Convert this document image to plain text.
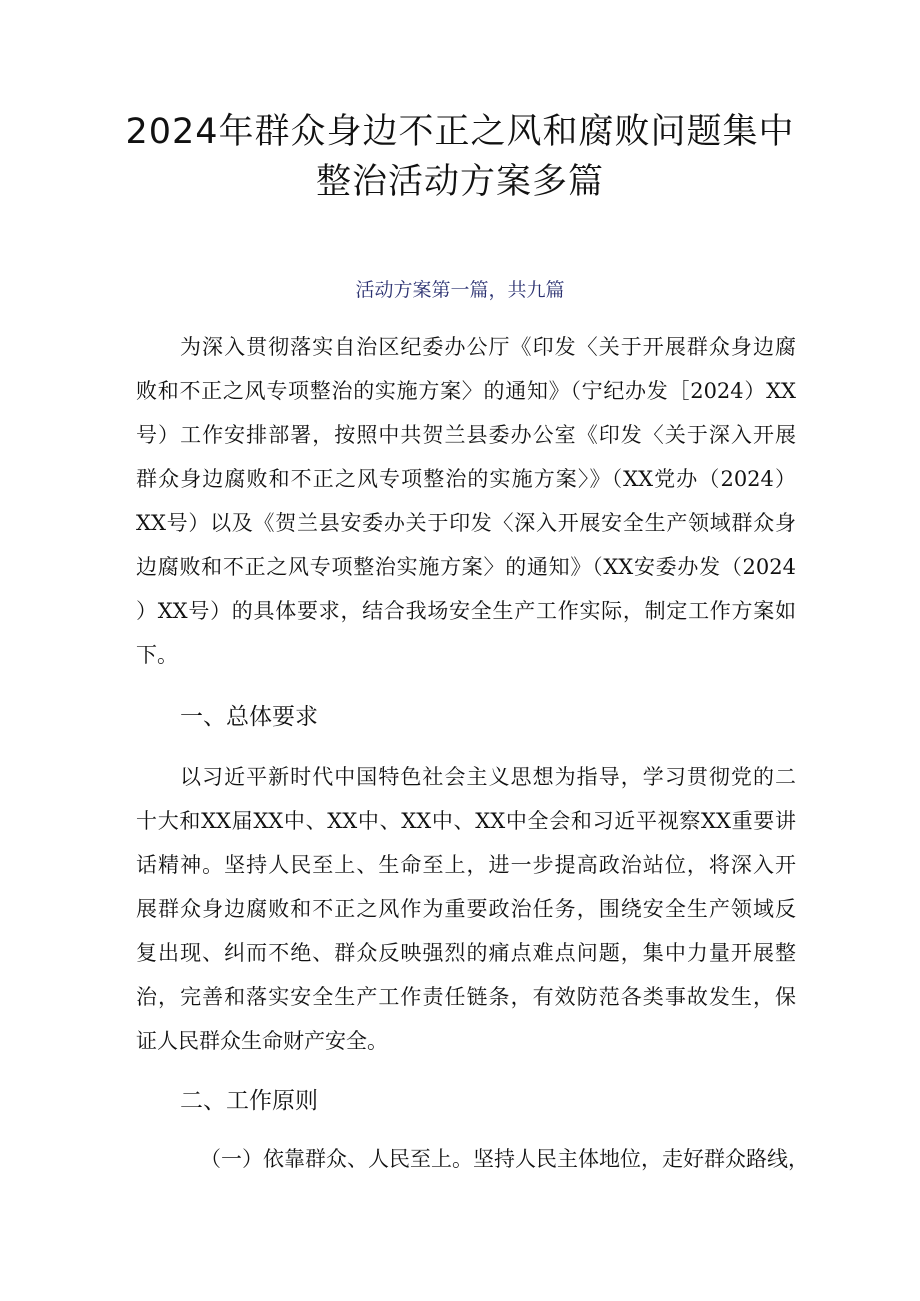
2024年群众身边不正之风和腐败问题集中
整治活动方案多篇
活动方案第一篇，共九篇
为深入贯彻落实自治区纪委办公厅《印发〈关于开展群众身边腐
败和不正之风专项整治的实施方案〉的通知》（宁纪办发［2024）XX
号）工作安排部署，按照中共贺兰县委办公室《印发〈关于深入开展
群众身边腐败和不正之风专项整治的实施方案〉》（XX党办（2024）
XX号）以及《贺兰县安委办关于印发〈深入开展安全生产领域群众身
边腐败和不正之风专项整治实施方案〉的通知》（XX安委办发（2024
）XX号）的具体要求，结合我场安全生产工作实际，制定工作方案如
下。
一、总体要求
以习近平新时代中国特色社会主义思想为指导，学习贯彻党的二
十大和XX届XX中、XX中、XX中、XX中全会和习近平视察XX重要讲
话精神。坚持人民至上、生命至上，进一步提高政治站位，将深入开
展群众身边腐败和不正之风作为重要政治任务，围绕安全生产领域反
复出现、纠而不绝、群众反映强烈的痛点难点问题，集中力量开展整
治，完善和落实安全生产工作责任链条，有效防范各类事故发生，保
证人民群众生命财产安全。
二、工作原则
（一）依靠群众、人民至上。坚持人民主体地位，走好群众路线，
